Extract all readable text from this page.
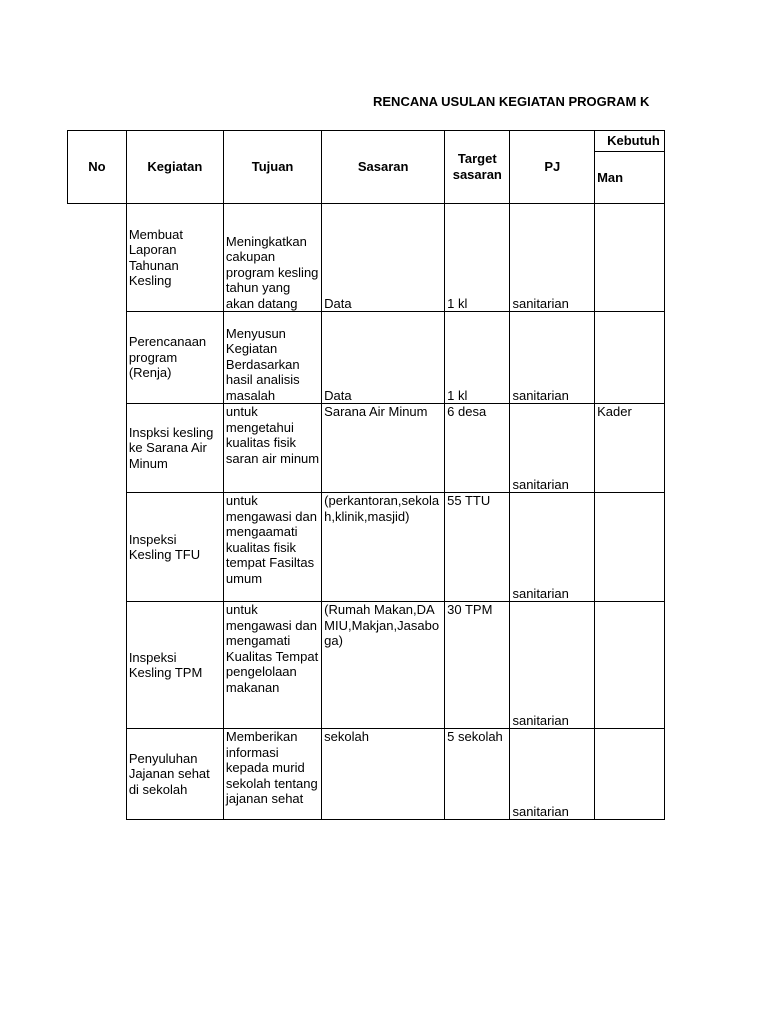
RENCANA USULAN KEGIATAN PROGRAM K
No	Kegiatan	Tujuan	Sasaran	Target sasaran	PJ	Kebutuh
						Man
	Membuat Laporan Tahunan Kesling	Meningkatkan cakupan program kesling tahun yang akan datang	Data	1 kl	sanitarian	
	Perencanaan program (Renja)	Menyusun Kegiatan Berdasarkan hasil analisis masalah	Data	1 kl	sanitarian	
	Inspksi kesling ke Sarana Air Minum	untuk mengetahui kualitas fisik saran air minum	Sarana Air Minum	6 desa	sanitarian	Kader
	Inspeksi Kesling TFU	untuk mengawasi dan mengaamati kualitas fisik tempat Fasiltas umum	(perkantoran,sekolah,klinik,masjid)	55 TTU	sanitarian	
	Inspeksi Kesling TPM	untuk mengawasi dan mengamati Kualitas Tempat pengelolaan makanan	(Rumah Makan,DAMIU,Makjan,Jasaboga)	30 TPM	sanitarian	
	Penyuluhan Jajanan sehat di sekolah	Memberikan informasi kepada murid sekolah tentang jajanan sehat	sekolah	5 sekolah	sanitarian	
